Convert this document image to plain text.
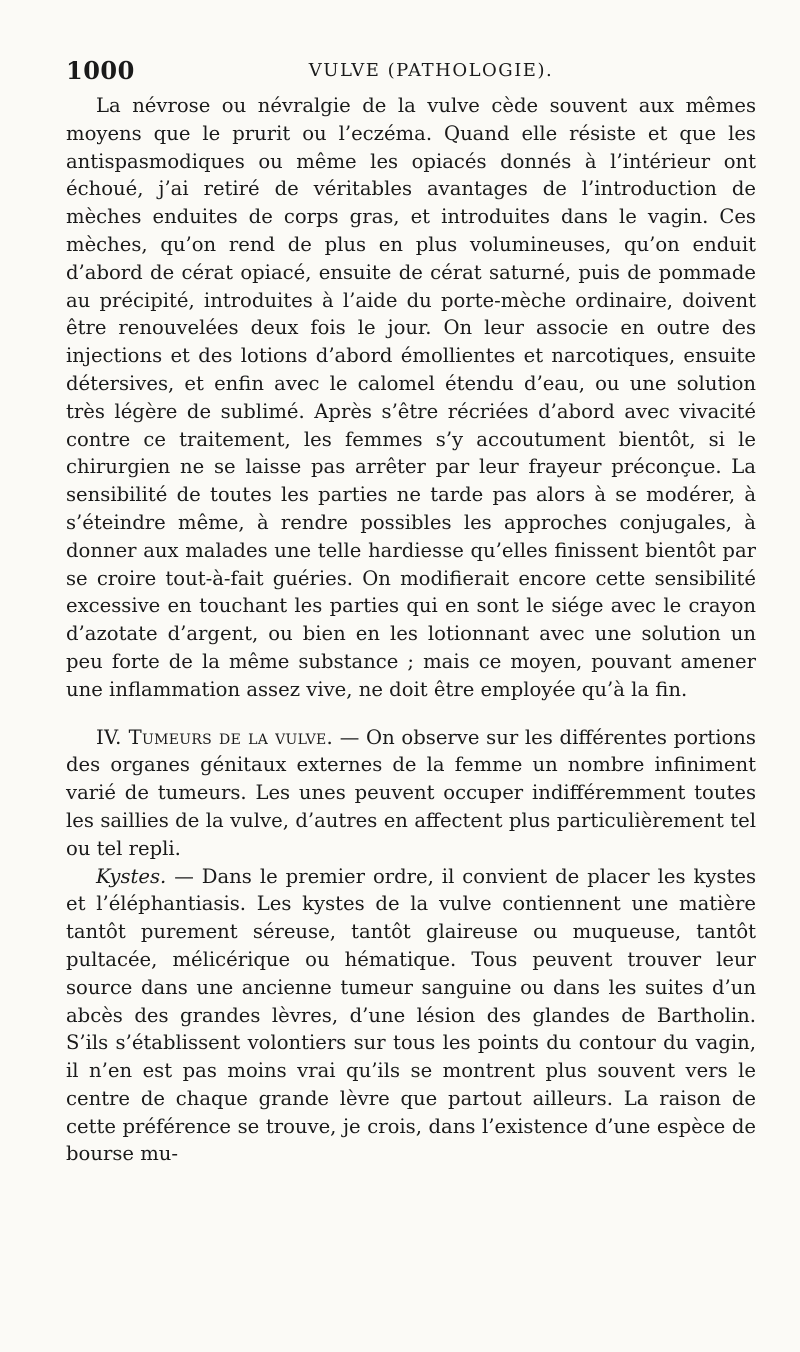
1000	VULVE (PATHOLOGIE).

La névrose ou névralgie de la vulve cède souvent aux mêmes moyens que le prurit ou l’eczéma. Quand elle résiste et que les antispasmodiques ou même les opiacés donnés à l’intérieur ont échoué, j’ai retiré de véritables avantages de l’introduction de mèches enduites de corps gras, et introduites dans le vagin. Ces mèches, qu’on rend de plus en plus volumineuses, qu’on enduit d’abord de cérat opiacé, ensuite de cérat saturné, puis de pommade au précipité, introduites à l’aide du porte-mèche ordinaire, doivent être renouvelées deux fois le jour. On leur associe en outre des injections et des lotions d’abord émollientes et narcotiques, ensuite détersives, et enfin avec le calomel étendu d’eau, ou une solution très légère de sublimé. Après s’être récriées d’abord avec vivacité contre ce traitement, les femmes s’y accoutument bientôt, si le chirurgien ne se laisse pas arrêter par leur frayeur préconçue. La sensibilité de toutes les parties ne tarde pas alors à se modérer, à s’éteindre même, à rendre possibles les approches conjugales, à donner aux malades une telle hardiesse qu’elles finissent bientôt par se croire tout-à-fait guéries. On modifierait encore cette sensibilité excessive en touchant les parties qui en sont le siége avec le crayon d’azotate d’argent, ou bien en les lotionnant avec une solution un peu forte de la même substance ; mais ce moyen, pouvant amener une inflammation assez vive, ne doit être employée qu’à la fin.

IV. Tumeurs de la vulve. — On observe sur les différentes portions des organes génitaux externes de la femme un nombre infiniment varié de tumeurs. Les unes peuvent occuper indifféremment toutes les saillies de la vulve, d’autres en affectent plus particulièrement tel ou tel repli.

Kystes. — Dans le premier ordre, il convient de placer les kystes et l’éléphantiasis. Les kystes de la vulve contiennent une matière tantôt purement séreuse, tantôt glaireuse ou muqueuse, tantôt pultacée, mélicérique ou hématique. Tous peuvent trouver leur source dans une ancienne tumeur sanguine ou dans les suites d’un abcès des grandes lèvres, d’une lésion des glandes de Bartholin. S’ils s’établissent volontiers sur tous les points du contour du vagin, il n’en est pas moins vrai qu’ils se montrent plus souvent vers le centre de chaque grande lèvre que partout ailleurs. La raison de cette préférence se trouve, je crois, dans l’existence d’une espèce de bourse mu-
